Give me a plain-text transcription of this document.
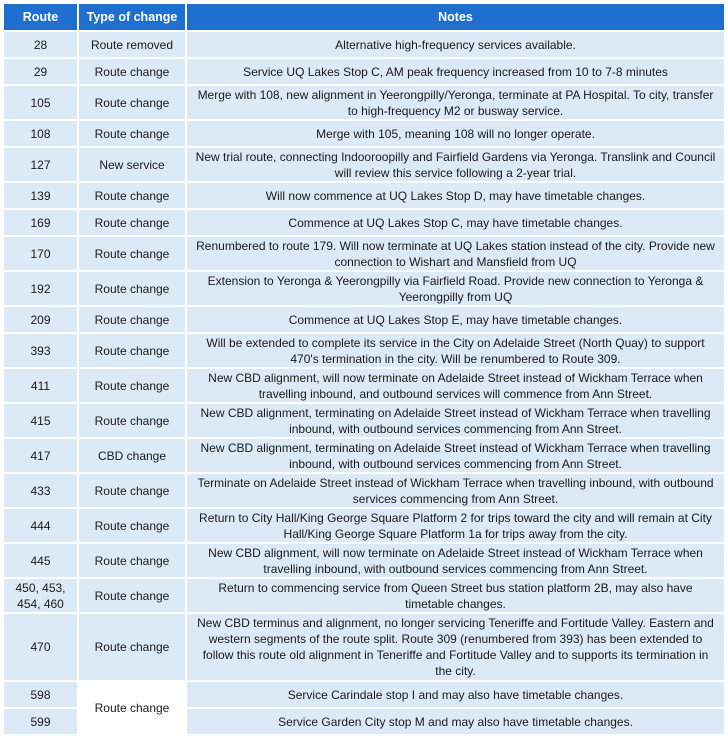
Route	Type of change	Notes
28	Route removed	Alternative high-frequency services available.
29	Route change	Service UQ Lakes Stop C, AM peak frequency increased from 10 to 7-8 minutes
105	Route change	Merge with 108, new alignment in Yeerongpilly/Yeronga, terminate at PA Hospital. To city, transfer to high-frequency M2 or busway service.
108	Route change	Merge with 105, meaning 108 will no longer operate.
127	New service	New trial route, connecting Indooroopilly and Fairfield Gardens via Yeronga. Translink and Council will review this service following a 2-year trial.
139	Route change	Will now commence at UQ Lakes Stop D, may have timetable changes.
169	Route change	Commence at UQ Lakes Stop C, may have timetable changes.
170	Route change	Renumbered to route 179. Will now terminate at UQ Lakes station instead of the city. Provide new connection to Wishart and Mansfield from UQ
192	Route change	Extension to Yeronga & Yeerongpilly via Fairfield Road. Provide new connection to Yeronga & Yeerongpilly from UQ
209	Route change	Commence at UQ Lakes Stop E, may have timetable changes.
393	Route change	Will be extended to complete its service in the City on Adelaide Street (North Quay) to support 470's termination in the city. Will be renumbered to Route 309.
411	Route change	New CBD alignment, will now terminate on Adelaide Street instead of Wickham Terrace when travelling inbound, and outbound services will commence from Ann Street.
415	Route change	New CBD alignment, terminating on Adelaide Street instead of Wickham Terrace when travelling inbound, with outbound services commencing from Ann Street.
417	CBD change	New CBD alignment, terminating on Adelaide Street instead of Wickham Terrace when travelling inbound, with outbound services commencing from Ann Street.
433	Route change	Terminate on Adelaide Street instead of Wickham Terrace when travelling inbound, with outbound services commencing from Ann Street.
444	Route change	Return to City Hall/King George Square Platform 2 for trips toward the city and will remain at City Hall/King George Square Platform 1a for trips away from the city.
445	Route change	New CBD alignment, will now terminate on Adelaide Street instead of Wickham Terrace when travelling inbound, with outbound services commencing from Ann Street.
450, 453, 454, 460	Route change	Return to commencing service from Queen Street bus station platform 2B, may also have timetable changes.
470	Route change	New CBD terminus and alignment, no longer servicing Teneriffe and Fortitude Valley. Eastern and western segments of the route split. Route 309 (renumbered from 393) has been extended to follow this route old alignment in Teneriffe and Fortitude Valley and to supports its termination in the city.
598	Route change	Service Carindale stop I and may also have timetable changes.
599		Service Garden City stop M and may also have timetable changes.
